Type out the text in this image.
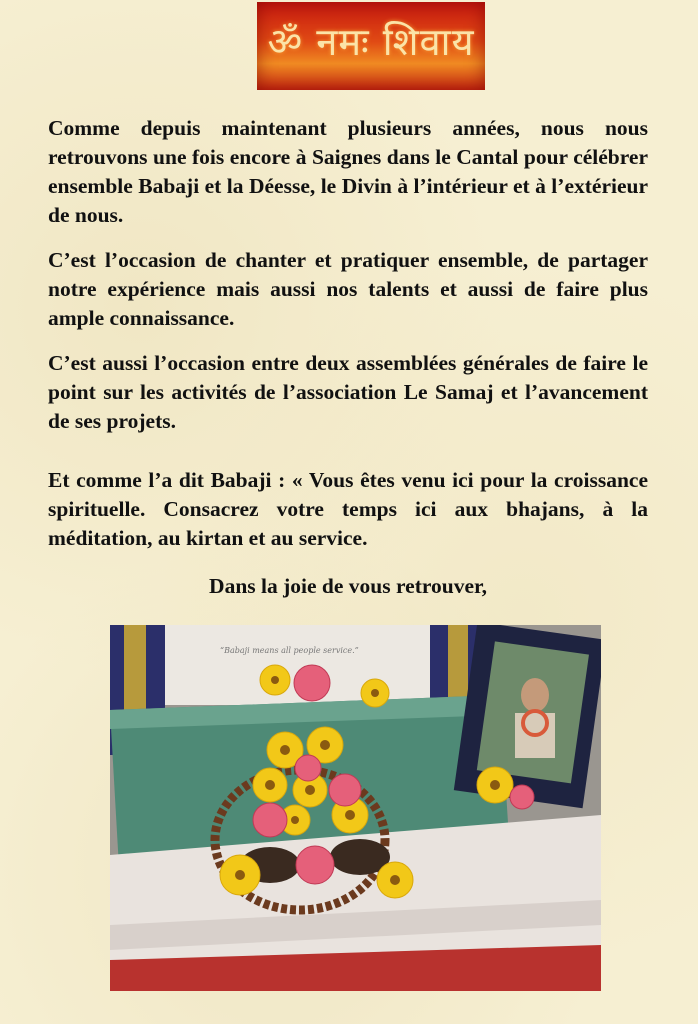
ॐ नमः शिवाय

Comme depuis maintenant plusieurs années, nous nous retrouvons une fois encore à Saignes dans le Cantal pour célébrer ensemble Babaji et la Déesse, le Divin à l’intérieur et à l’extérieur de nous.

C’est l’occasion de chanter et pratiquer ensemble, de partager notre expérience mais aussi nos talents et aussi de faire plus ample connaissance.

C’est aussi l’occasion entre deux assemblées générales de faire le point sur les activités de l’association Le Samaj et l’avancement de ses projets.

Et comme l’a dit Babaji : « Vous êtes venu ici pour la croissance spirituelle. Consacrez votre temps ici aux bhajans, à la méditation, au kirtan et au service.

Dans la joie de vous retrouver,

“Babaji means all people service.”
